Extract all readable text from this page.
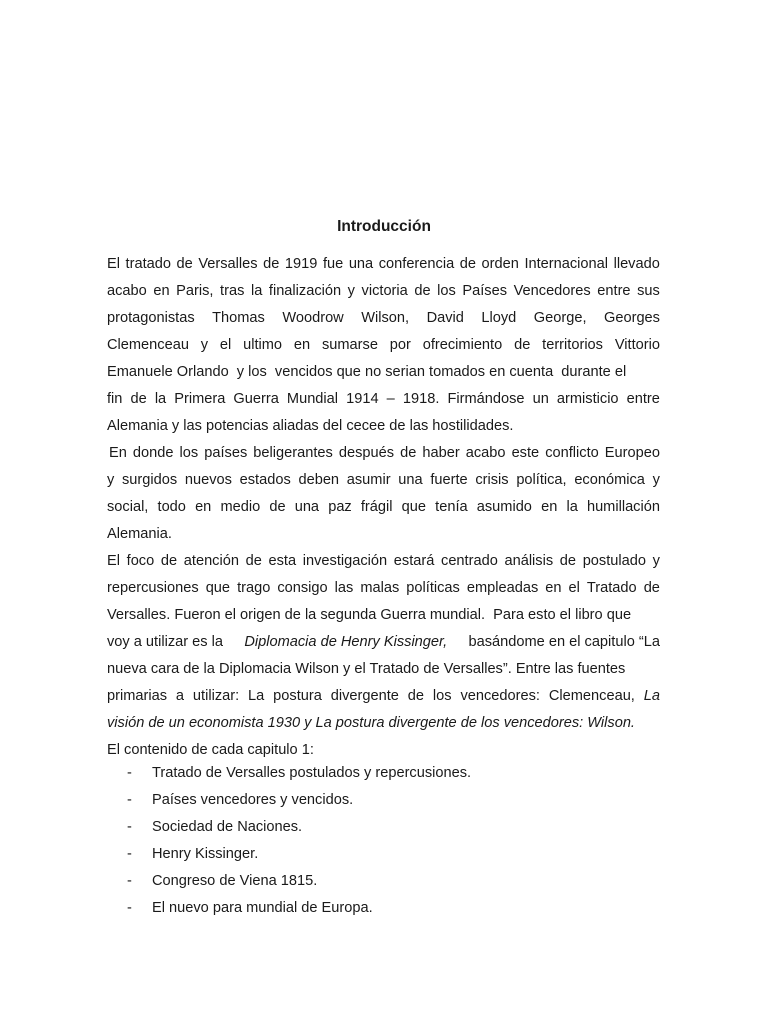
Introducción
El tratado de Versalles de 1919 fue una conferencia de orden Internacional llevado
acabo en Paris, tras la finalización y victoria de los Países Vencedores entre sus
protagonistas Thomas Woodrow Wilson, David Lloyd George, Georges
Clemenceau y el ultimo en sumarse por ofrecimiento de territorios Vittorio
Emanuele Orlando  y los  vencidos que no serian tomados en cuenta  durante el
fin de la Primera Guerra Mundial 1914 – 1918. Firmándose un armisticio entre
Alemania y las potencias aliadas del cecee de las hostilidades.
En donde los países beligerantes después de haber acabo este conflicto Europeo
y surgidos nuevos estados deben asumir una fuerte crisis política, económica y
social, todo en medio de una paz frágil que tenía asumido en la humillación
Alemania.
El foco de atención de esta investigación estará centrado análisis de postulado y
repercusiones que trago consigo las malas políticas empleadas en el Tratado de
Versalles. Fueron el origen de la segunda Guerra mundial.  Para esto el libro que
voy a utilizar es la Diplomacia de Henry Kissinger, basándome en el capitulo “La
nueva cara de la Diplomacia Wilson y el Tratado de Versalles”. Entre las fuentes
primarias a utilizar: La postura divergente de los vencedores: Clemenceau, La
visión de un economista 1930 y La postura divergente de los vencedores: Wilson.
El contenido de cada capitulo 1:
- Tratado de Versalles postulados y repercusiones.
- Países vencedores y vencidos.
- Sociedad de Naciones.
- Henry Kissinger.
- Congreso de Viena 1815.
- El nuevo para mundial de Europa.
